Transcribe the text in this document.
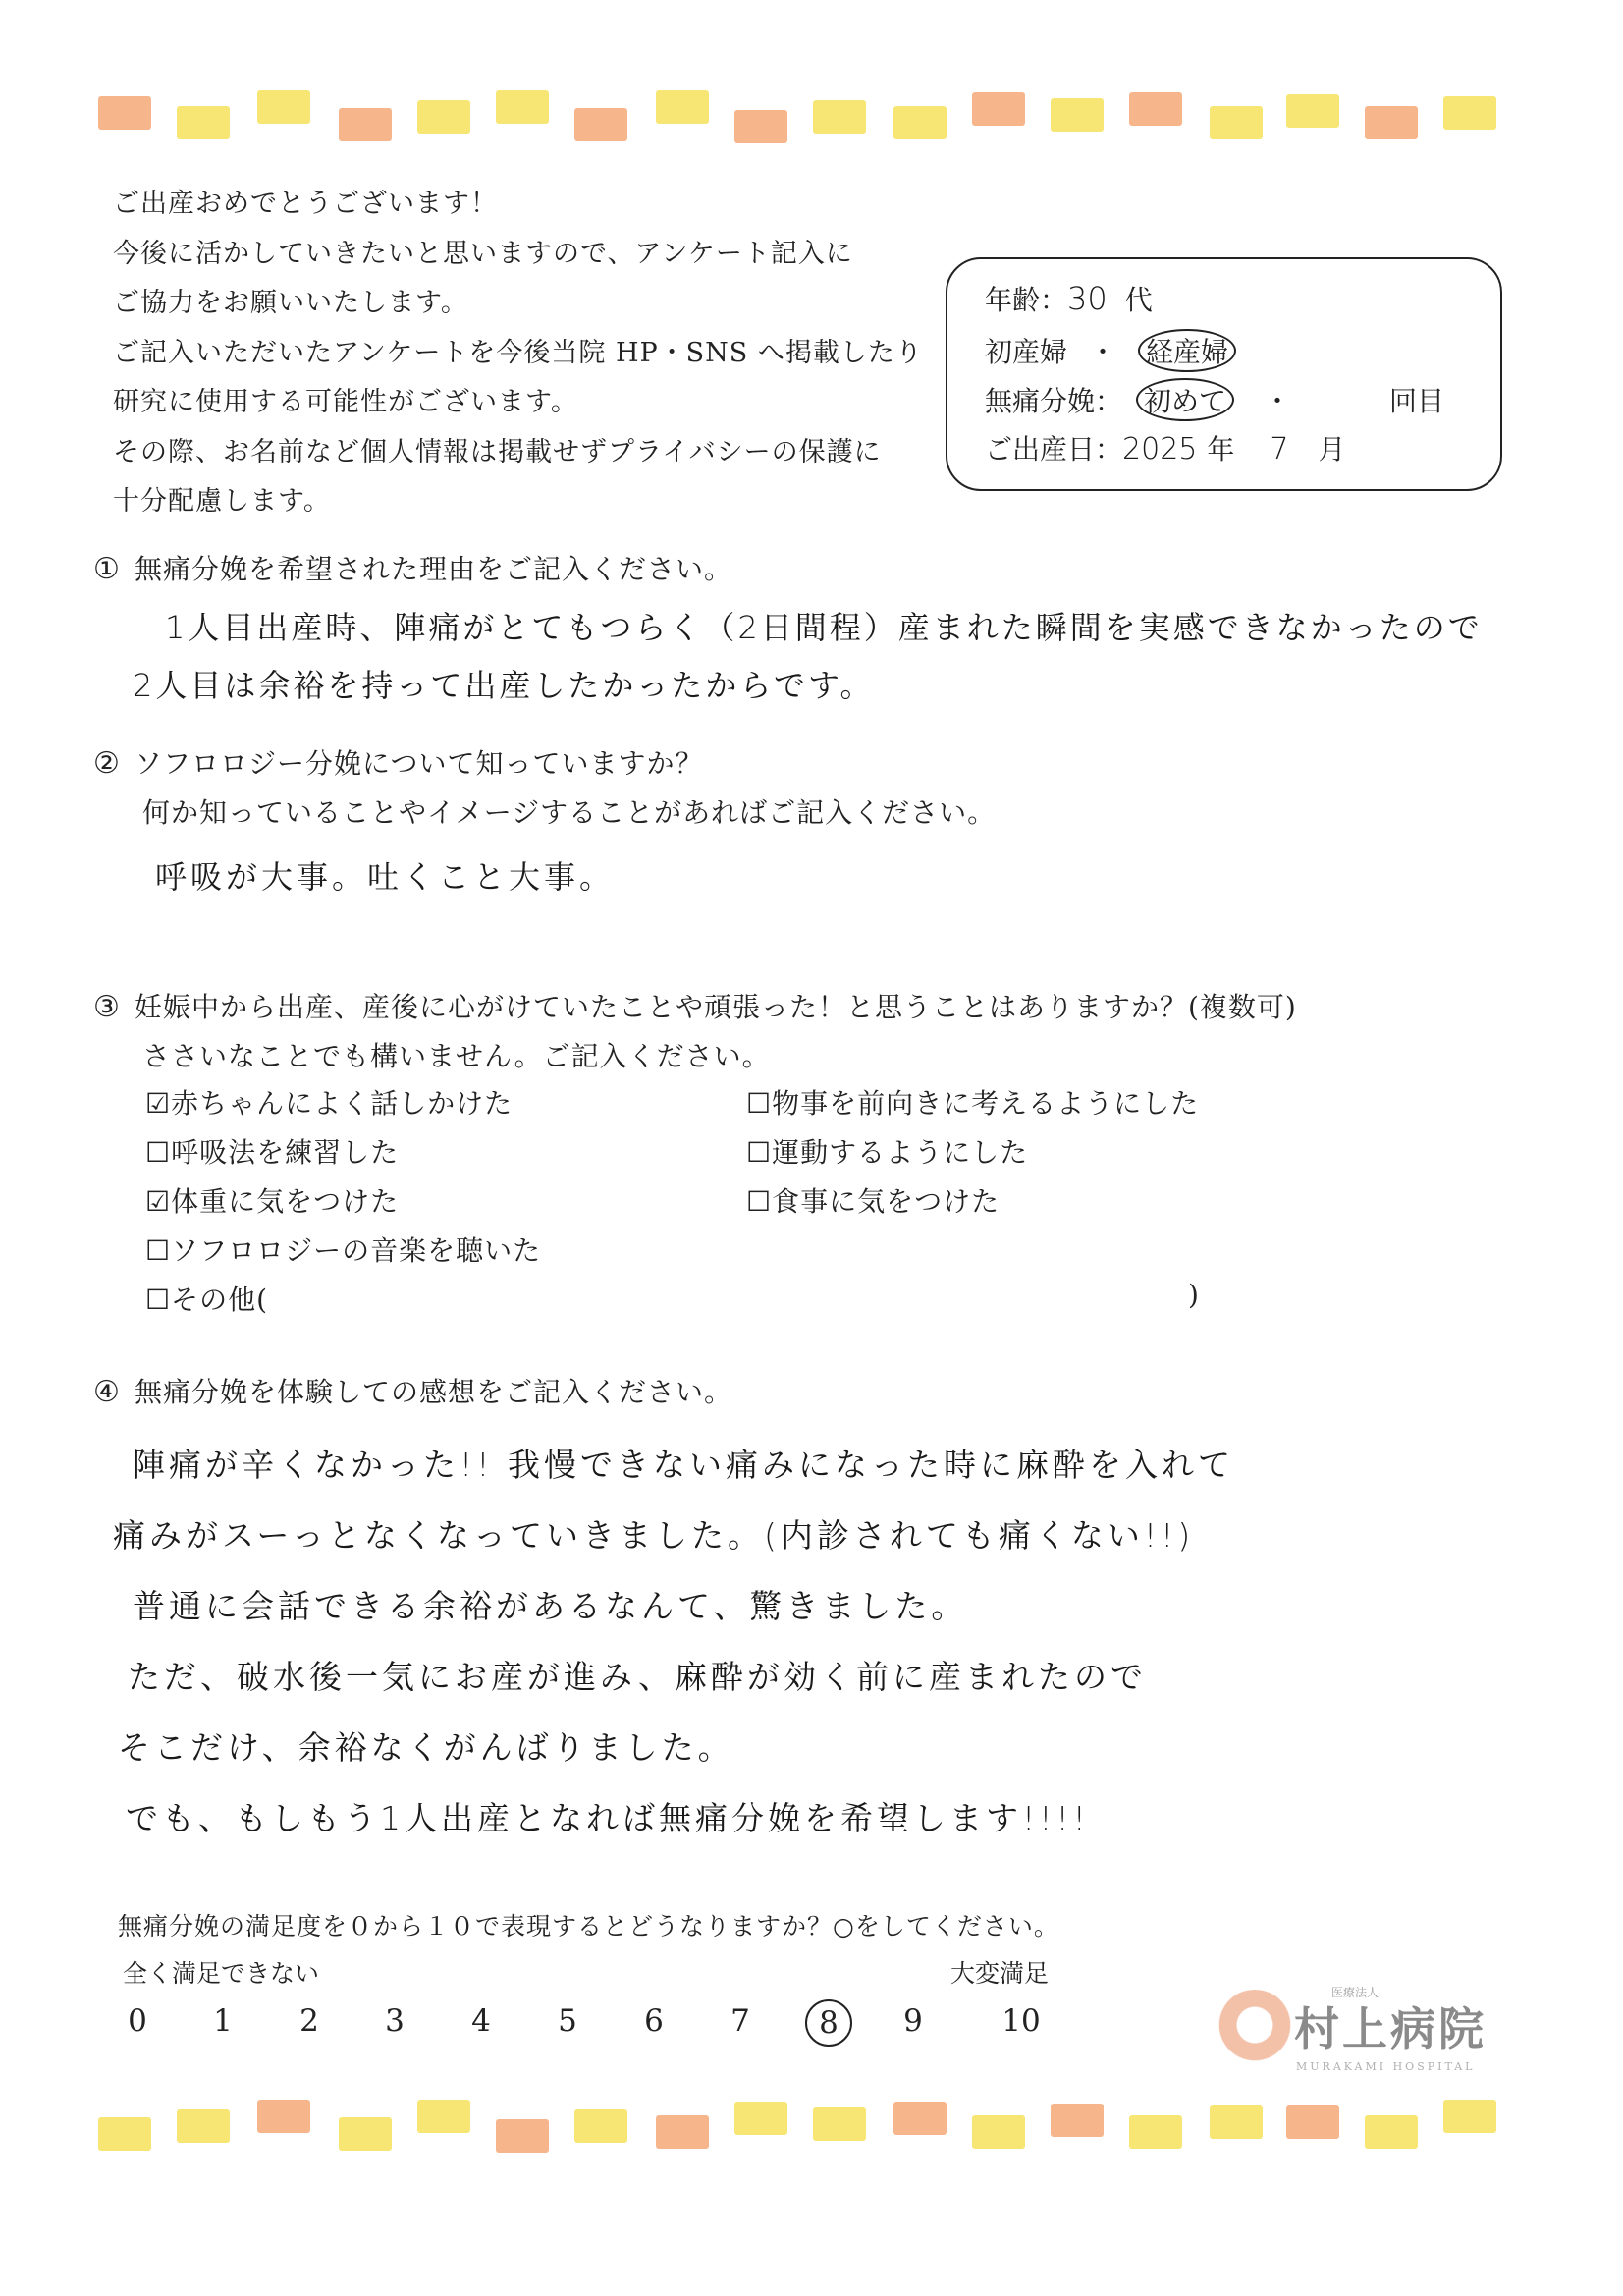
ご出産おめでとうございます！

今後に活かしていきたいと思いますので、アンケート記入に

ご協力をお願いいたします。

ご記入いただいたアンケートを今後当院 HP・SNS へ掲載したり

研究に使用する可能性がございます。

その際、お名前など個人情報は掲載せずプライバシーの保護に

十分配慮します。

年齢：30 代
初産婦 ・ 経産婦
無痛分娩： 初めて ・	回目
ご出産日：2025 年 7 月
① 無痛分娩を希望された理由をご記入ください。
1人目出産時、陣痛がとてもつらく（2日間程）産まれた瞬間を実感できなかったので
2人目は余裕を持って出産したかったからです。
② ソフロロジー分娩について知っていますか？
何か知っていることやイメージすることがあればご記入ください。
呼吸が大事。吐くこと大事。
③ 妊娠中から出産、産後に心がけていたことや頑張った！と思うことはありますか？(複数可)
ささいなことでも構いません。ご記入ください。
☑赤ちゃんによく話しかけた
☐呼吸法を練習した
☑体重に気をつけた
☐ソフロロジーの音楽を聴いた
☐その他(	)
☐物事を前向きに考えるようにした
☐運動するようにした
☐食事に気をつけた
④ 無痛分娩を体験しての感想をご記入ください。
陣痛が辛くなかった!! 我慢できない痛みになった時に麻酔を入れて
痛みがスーっとなくなっていきました。(内診されても痛くない!!)
普通に会話できる余裕があるなんて、驚きました。
ただ、破水後一気にお産が進み、麻酔が効く前に産まれたので
そこだけ、余裕なくがんばりました。
でも、もしもう1人出産となれば無痛分娩を希望します!!!!
無痛分娩の満足度を０から１０で表現するとどうなりますか？○をしてください。
全く満足できない	大変満足
0	1	2	3	4	5	6	7	8	9	10
医療法人
村上病院
MURAKAMI HOSPITAL
